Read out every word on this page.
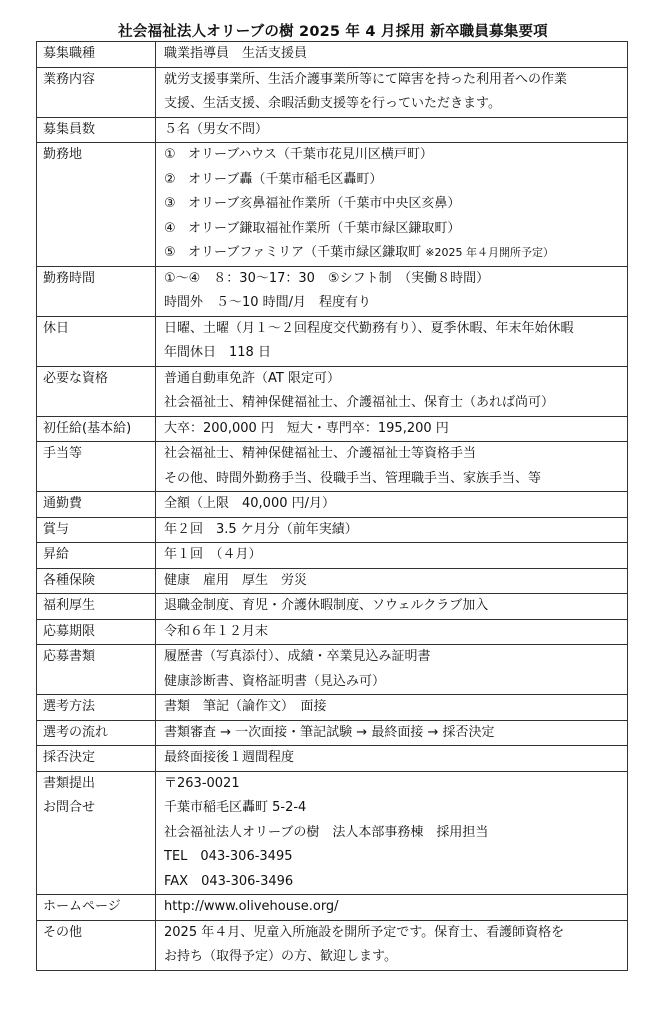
社会福祉法人オリーブの樹 2025 年 4 月採用 新卒職員募集要項
募集職種	職業指導員　生活支援員

業務内容	就労支援事業所、生活介護事業所等にて障害を持った利用者への作業
支援、生活支援、余暇活動支援等を行っていただきます。

募集員数	５名（男女不問）

勤務地	① オリーブハウス（千葉市花見川区横戸町）
② オリーブ轟（千葉市稲毛区轟町）
③ オリーブ亥鼻福祉作業所（千葉市中央区亥鼻）
④ オリーブ鎌取福祉作業所（千葉市緑区鎌取町）
⑤ オリーブファミリア（千葉市緑区鎌取町 ※2025 年４月開所予定）

勤務時間	①～④　８：30～17：30　⑤シフト制　（実働８時間）
時間外　５～10 時間/月　程度有り

休日	日曜、土曜（月１～２回程度交代勤務有り）、夏季休暇、年末年始休暇
年間休日　118 日

必要な資格	普通自動車免許（AT 限定可）
社会福祉士、精神保健福祉士、介護福祉士、保育士（あれば尚可）

初任給(基本給)	大卒：200,000 円　短大・専門卒：195,200 円

手当等	社会福祉士、精神保健福祉士、介護福祉士等資格手当
その他、時間外勤務手当、役職手当、管理職手当、家族手当、等

通勤費	全額（上限　40,000 円/月）

賞与	年２回　3.5 ケ月分（前年実績）

昇給	年１回　（４月）

各種保険	健康　雇用　厚生　労災

福利厚生	退職金制度、育児・介護休暇制度、ソウェルクラブ加入

応募期限	令和６年１２月末

応募書類	履歴書（写真添付）、成績・卒業見込み証明書
健康診断書、資格証明書（見込み可）

選考方法	書類　筆記（論作文）　面接

選考の流れ	書類審査 → 一次面接・筆記試験 → 最終面接 → 採否決定

採否決定	最終面接後１週間程度

書類提出
お問合せ	〒263-0021
千葉市稲毛区轟町 5-2-4
社会福祉法人オリーブの樹　法人本部事務棟　採用担当
TEL　043-306-3495
FAX　043-306-3496

ホームページ	http://www.olivehouse.org/

その他	2025 年４月、児童入所施設を開所予定です。保育士、看護師資格を
お持ち（取得予定）の方、歓迎します。
